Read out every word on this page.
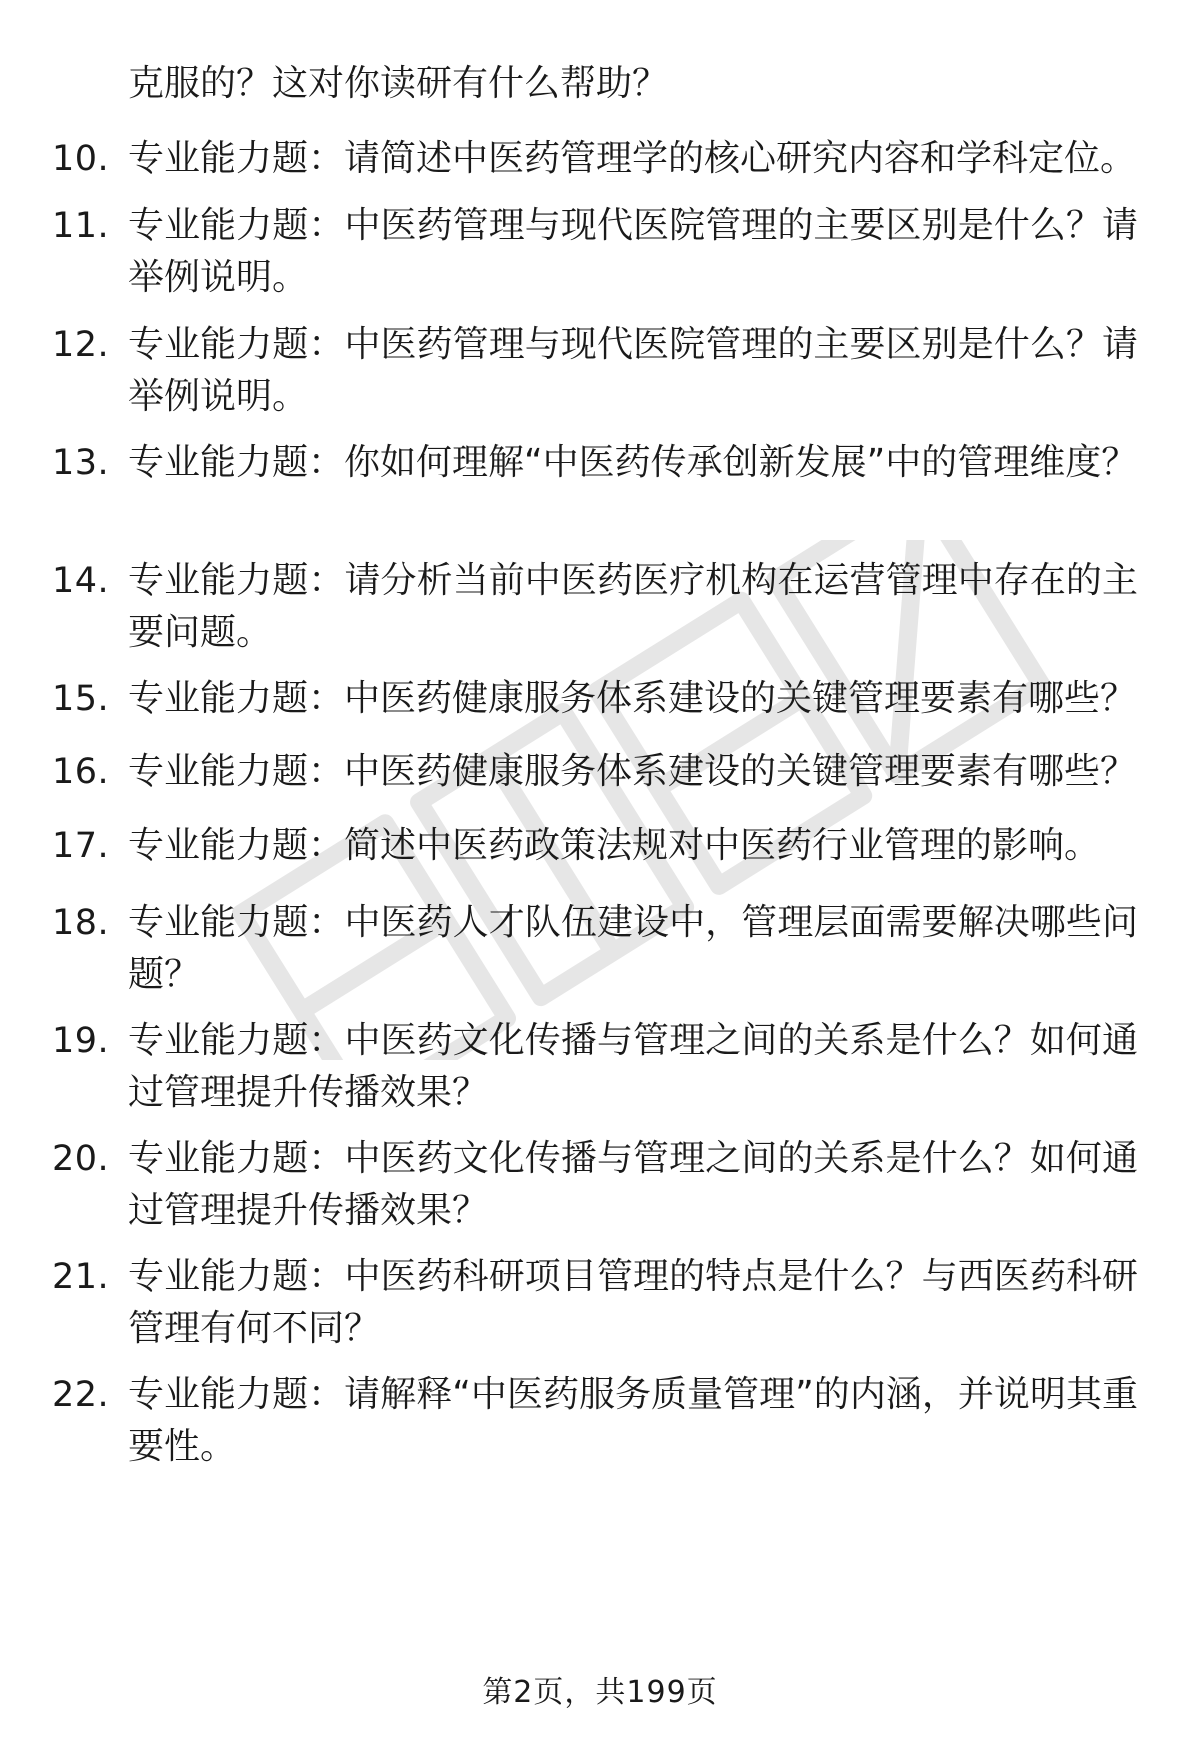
克服的？这对你读研有什么帮助？

10. 专业能力题：请简述中医药管理学的核心研究内容和学科定位。

11. 专业能力题：中医药管理与现代医院管理的主要区别是什么？请举例说明。

12. 专业能力题：中医药管理与现代医院管理的主要区别是什么？请举例说明。

13. 专业能力题：你如何理解“中医药传承创新发展”中的管理维度？

14. 专业能力题：请分析当前中医药医疗机构在运营管理中存在的主要问题。

15. 专业能力题：中医药健康服务体系建设的关键管理要素有哪些？

16. 专业能力题：中医药健康服务体系建设的关键管理要素有哪些？

17. 专业能力题：简述中医药政策法规对中医药行业管理的影响。

18. 专业能力题：中医药人才队伍建设中，管理层面需要解决哪些问题？

19. 专业能力题：中医药文化传播与管理之间的关系是什么？如何通过管理提升传播效果？

20. 专业能力题：中医药文化传播与管理之间的关系是什么？如何通过管理提升传播效果？

21. 专业能力题：中医药科研项目管理的特点是什么？与西医药科研管理有何不同？

22. 专业能力题：请解释“中医药服务质量管理”的内涵，并说明其重要性。

第2页，共199页
